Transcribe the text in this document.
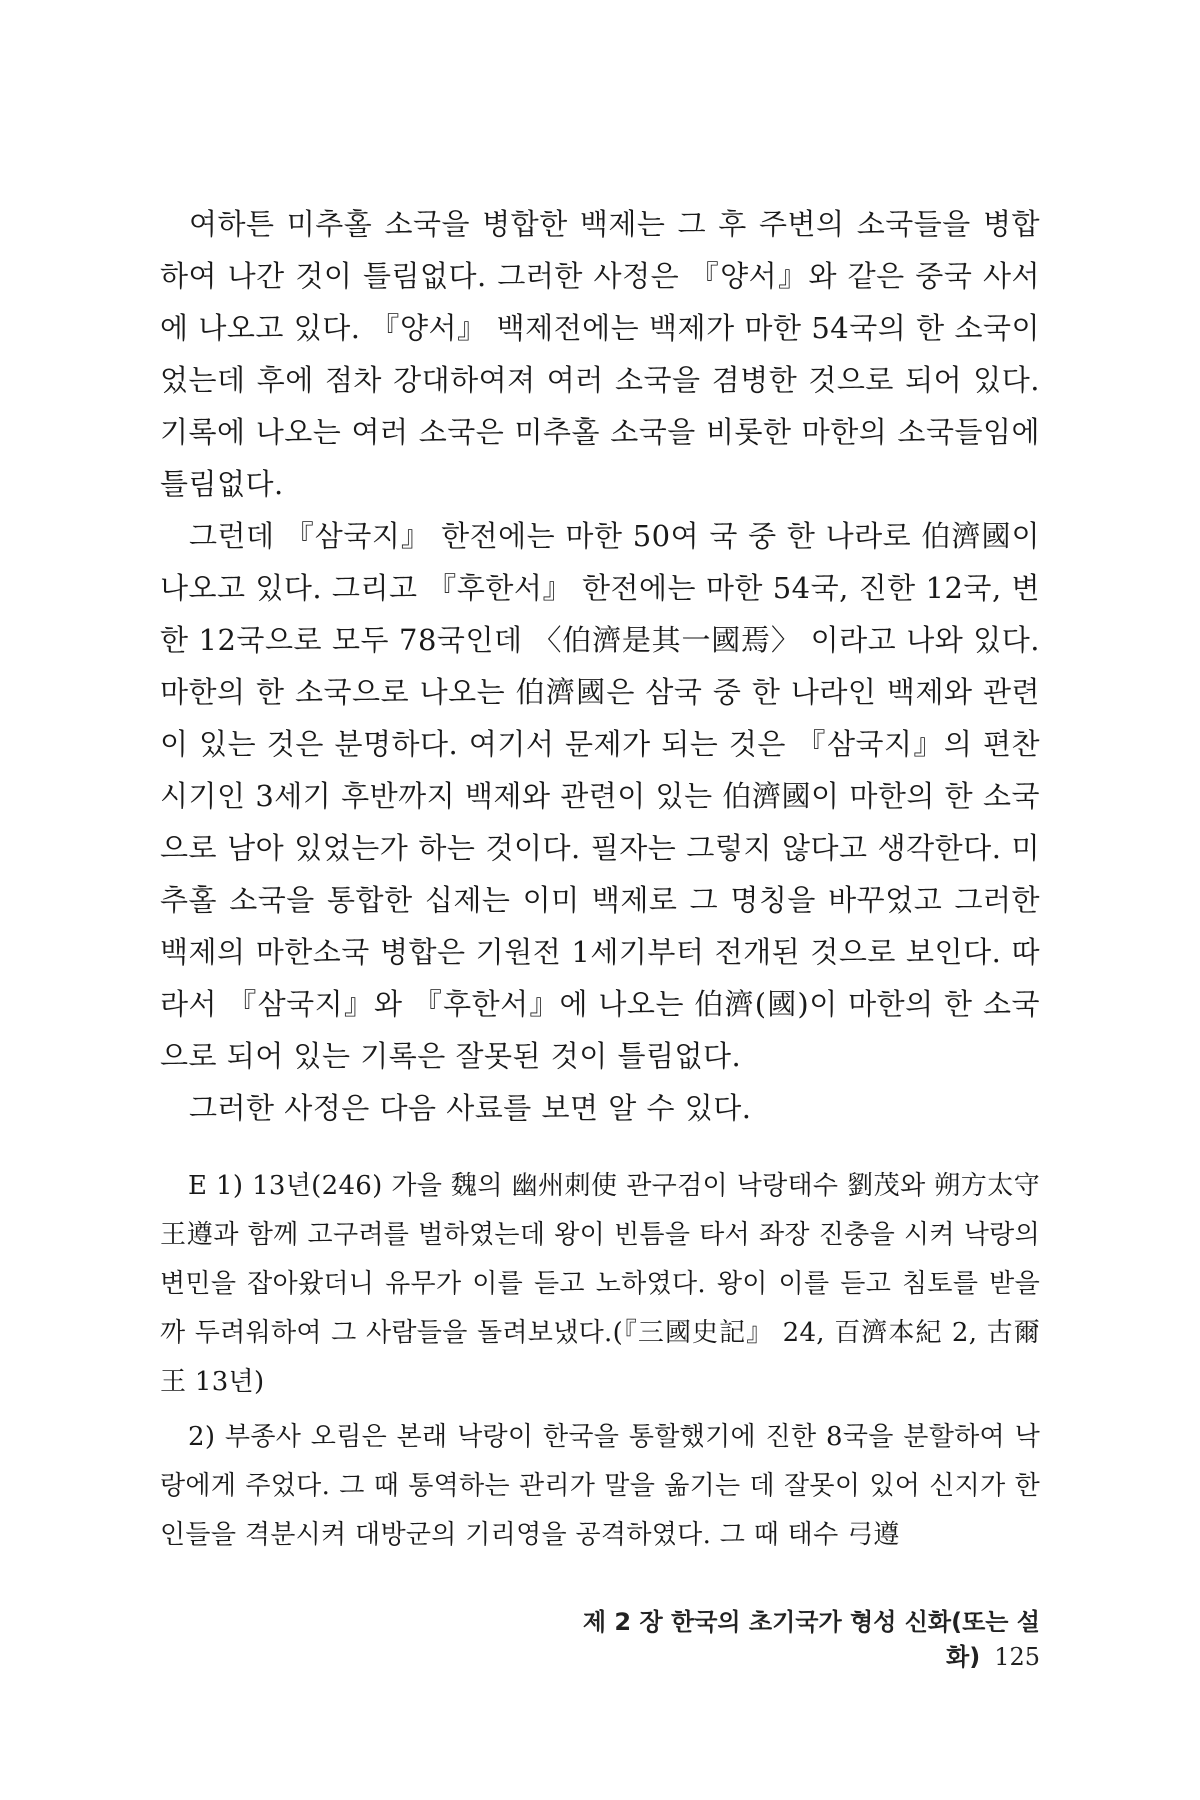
여하튼 미추홀 소국을 병합한 백제는 그 후 주변의 소국들을 병합하여 나간 것이 틀림없다. 그러한 사정은 『양서』와 같은 중국 사서에 나오고 있다. 『양서』 백제전에는 백제가 마한 54국의 한 소국이었는데 후에 점차 강대하여져 여러 소국을 겸병한 것으로 되어 있다. 기록에 나오는 여러 소국은 미추홀 소국을 비롯한 마한의 소국들임에 틀림없다.

그런데 『삼국지』 한전에는 마한 50여 국 중 한 나라로 伯濟國이 나오고 있다. 그리고 『후한서』 한전에는 마한 54국, 진한 12국, 변한 12국으로 모두 78국인데 〈伯濟是其一國焉〉 이라고 나와 있다. 마한의 한 소국으로 나오는 伯濟國은 삼국 중 한 나라인 백제와 관련이 있는 것은 분명하다. 여기서 문제가 되는 것은 『삼국지』의 편찬 시기인 3세기 후반까지 백제와 관련이 있는 伯濟國이 마한의 한 소국으로 남아 있었는가 하는 것이다. 필자는 그렇지 않다고 생각한다. 미추홀 소국을 통합한 십제는 이미 백제로 그 명칭을 바꾸었고 그러한 백제의 마한소국 병합은 기원전 1세기부터 전개된 것으로 보인다. 따라서 『삼국지』와 『후한서』에 나오는 伯濟(國)이 마한의 한 소국으로 되어 있는 기록은 잘못된 것이 틀림없다.

그러한 사정은 다음 사료를 보면 알 수 있다.

E 1) 13년(246) 가을 魏의 幽州刺使 관구검이 낙랑태수 劉茂와 朔方太守 王遵과 함께 고구려를 벌하였는데 왕이 빈틈을 타서 좌장 진충을 시켜 낙랑의 변민을 잡아왔더니 유무가 이를 듣고 노하였다. 왕이 이를 듣고 침토를 받을까 두려워하여 그 사람들을 돌려보냈다.(『三國史記』 24, 百濟本紀 2, 古爾王 13년)

2) 부종사 오림은 본래 낙랑이 한국을 통할했기에 진한 8국을 분할하여 낙랑에게 주었다. 그 때 통역하는 관리가 말을 옮기는 데 잘못이 있어 신지가 한인들을 격분시켜 대방군의 기리영을 공격하였다. 그 때 태수 弓遵

제 2 장 한국의 초기국가 형성 신화(또는 설화) 125
